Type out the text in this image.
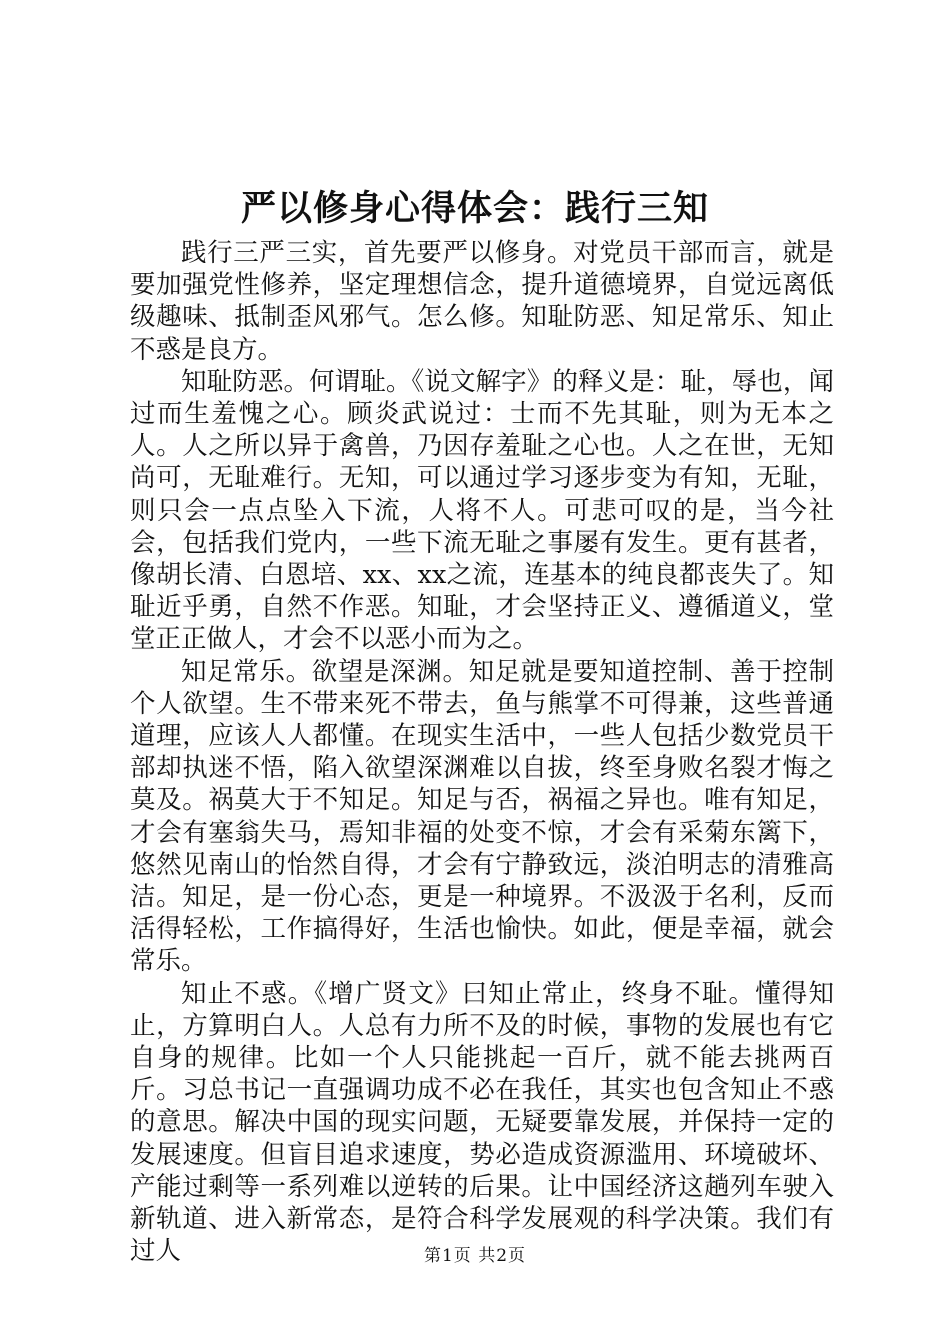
严以修身心得体会：践行三知

践行三严三实，首先要严以修身。对党员干部而言，就是要加强党性修养，坚定理想信念，提升道德境界，自觉远离低级趣味、抵制歪风邪气。怎么修。知耻防恶、知足常乐、知止不惑是良方。

知耻防恶。何谓耻。《说文解字》的释义是：耻，辱也，闻过而生羞愧之心。顾炎武说过：士而不先其耻，则为无本之人。人之所以异于禽兽，乃因存羞耻之心也。人之在世，无知尚可，无耻难行。无知，可以通过学习逐步变为有知，无耻，则只会一点点坠入下流，人将不人。可悲可叹的是，当今社会，包括我们党内，一些下流无耻之事屡有发生。更有甚者，像胡长清、白恩培、xx、xx之流，连基本的纯良都丧失了。知耻近乎勇，自然不作恶。知耻，才会坚持正义、遵循道义，堂堂正正做人，才会不以恶小而为之。

知足常乐。欲望是深渊。知足就是要知道控制、善于控制个人欲望。生不带来死不带去，鱼与熊掌不可得兼，这些普通道理，应该人人都懂。在现实生活中，一些人包括少数党员干部却执迷不悟，陷入欲望深渊难以自拔，终至身败名裂才悔之莫及。祸莫大于不知足。知足与否，祸福之异也。唯有知足，才会有塞翁失马，焉知非福的处变不惊，才会有采菊东篱下，悠然见南山的怡然自得，才会有宁静致远，淡泊明志的清雅高洁。知足，是一份心态，更是一种境界。不汲汲于名利，反而活得轻松，工作搞得好，生活也愉快。如此，便是幸福，就会常乐。

知止不惑。《增广贤文》曰知止常止，终身不耻。懂得知止，方算明白人。人总有力所不及的时候，事物的发展也有它自身的规律。比如一个人只能挑起一百斤，就不能去挑两百斤。习总书记一直强调功成不必在我任，其实也包含知止不惑的意思。解决中国的现实问题，无疑要靠发展，并保持一定的发展速度。但盲目追求速度，势必造成资源滥用、环境破坏、产能过剩等一系列难以逆转的后果。让中国经济这趟列车驶入新轨道、进入新常态，是符合科学发展观的科学决策。我们有过人	第1页 共2页
